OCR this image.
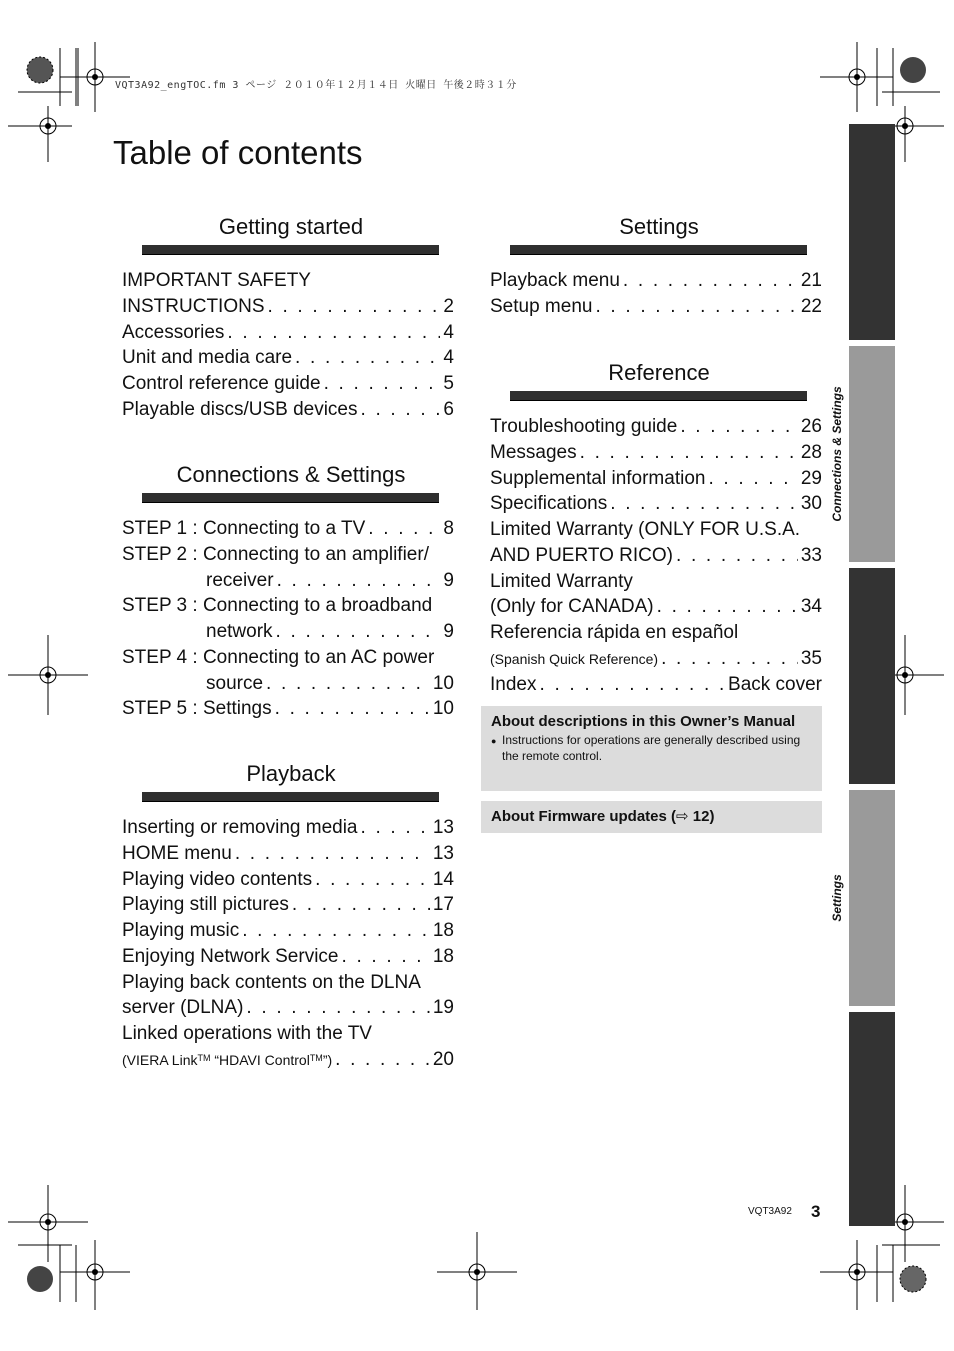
VQT3A92_engTOC.fm 3 ページ ２０１０年１２月１４日 火曜日 午後２時３１分
Table of contents
Getting started
IMPORTANT SAFETY
INSTRUCTIONS . . .	2
Accessories . . .	4
Unit and media care . . .	4
Control reference guide . . .	5
Playable discs/USB devices . . .	6
Connections & Settings
STEP 1 : Connecting to a TV . . .	8
STEP 2 : Connecting to an amplifier/
receiver . . .	9
STEP 3 : Connecting to a broadband
network . . .	9
STEP 4 : Connecting to an AC power
source . . .	10
STEP 5 : Settings . . .	10
Playback
Inserting or removing media . . .	13
HOME menu . . .	13
Playing video contents . . .	14
Playing still pictures . . .	17
Playing music . . .	18
Enjoying Network Service . . .	18
Playing back contents on the DLNA
server (DLNA) . . .	19
Linked operations with the TV
(VIERA Link™ “HDAVI Control™”) . . .	20
Settings
Playback menu . . .	21
Setup menu . . .	22
Reference
Troubleshooting guide . . .	26
Messages . . .	28
Supplemental information . . .	29
Specifications . . .	30
Limited Warranty (ONLY FOR U.S.A.
AND PUERTO RICO) . . .	33
Limited Warranty
(Only for CANADA) . . .	34
Referencia rápida en español
(Spanish Quick Reference) . . .	35
Index . . .	Back cover
About descriptions in this Owner’s Manual
● Instructions for operations are generally described using the remote control.
About Firmware updates (⇨ 12)
Getting started
Connections & Settings
Playback
Settings
Reference
VQT3A92 3
